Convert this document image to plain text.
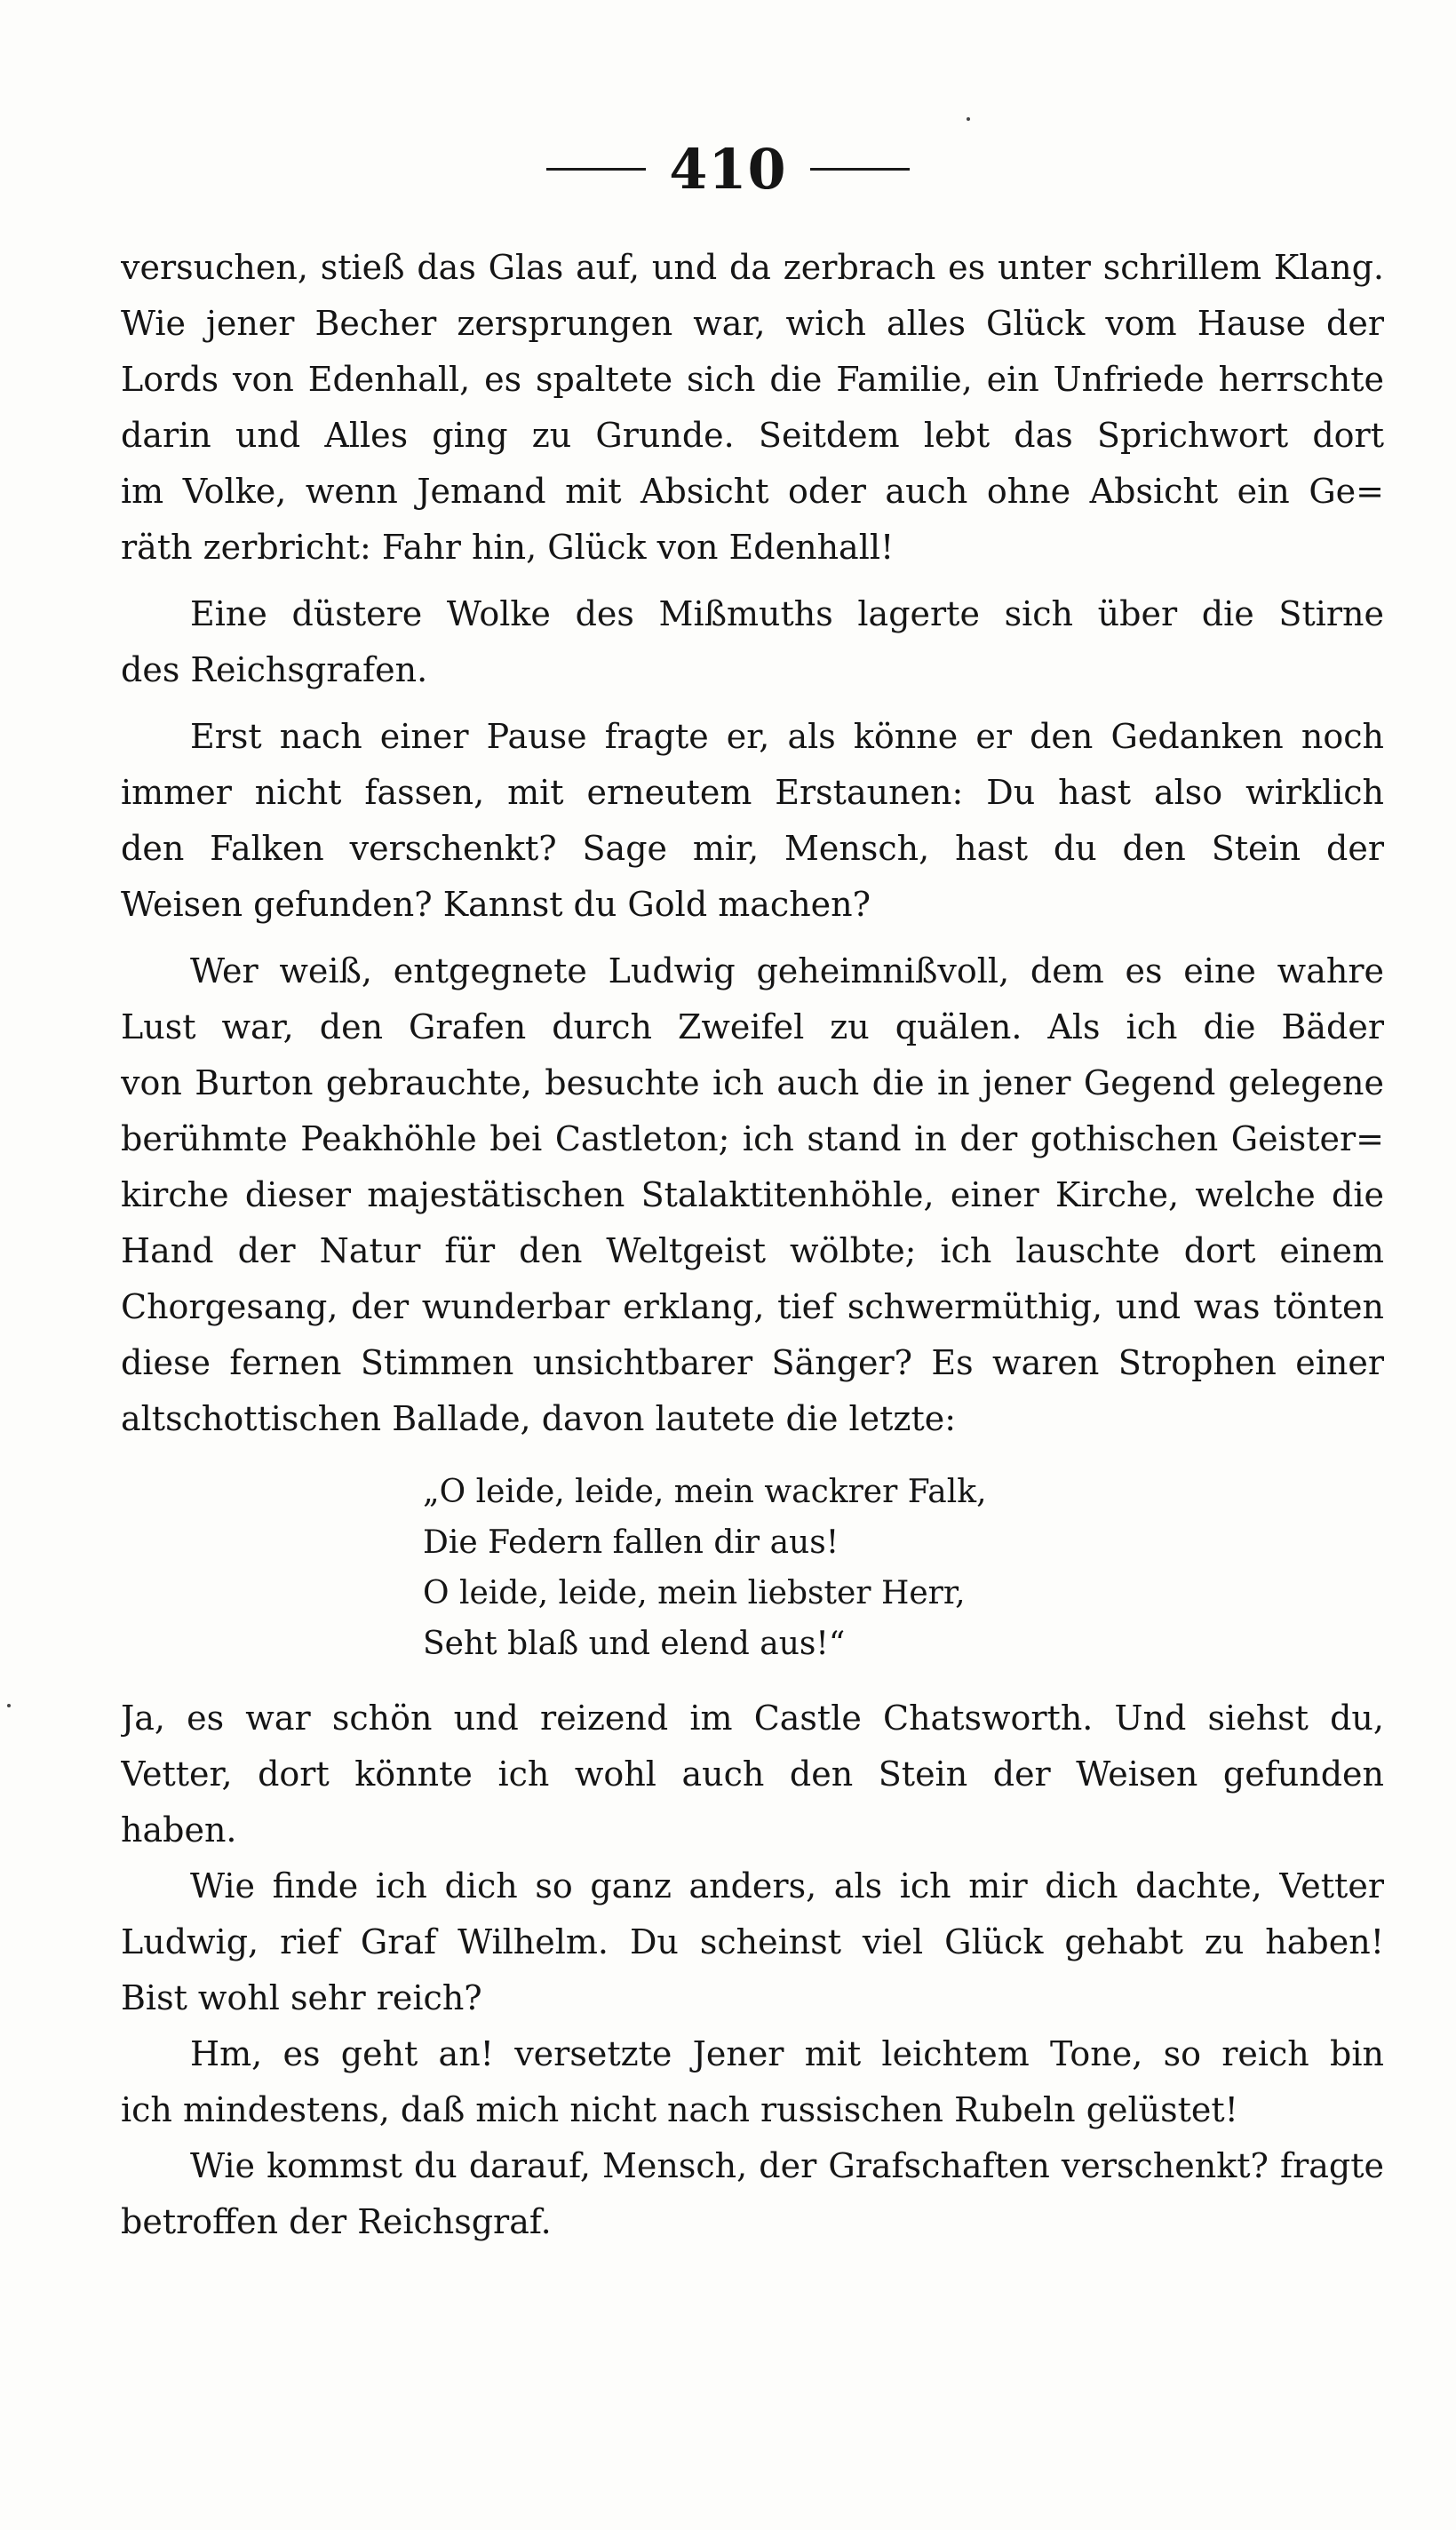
410
versuchen, stieß das Glas auf, und da zerbrach es unter schrillem Klang.
Wie jener Becher zersprungen war, wich alles Glück vom Hause der
Lords von Edenhall, es spaltete sich die Familie, ein Unfriede herrschte
darin und Alles ging zu Grunde. Seitdem lebt das Sprichwort dort
im Volke, wenn Jemand mit Absicht oder auch ohne Absicht ein Ge=
räth zerbricht: Fahr hin, Glück von Edenhall!
Eine düstere Wolke des Mißmuths lagerte sich über die Stirne
des Reichsgrafen.
Erst nach einer Pause fragte er, als könne er den Gedanken noch
immer nicht fassen, mit erneutem Erstaunen: Du hast also wirklich
den Falken verschenkt? Sage mir, Mensch, hast du den Stein der
Weisen gefunden? Kannst du Gold machen?
Wer weiß, entgegnete Ludwig geheimnißvoll, dem es eine wahre
Lust war, den Grafen durch Zweifel zu quälen. Als ich die Bäder
von Burton gebrauchte, besuchte ich auch die in jener Gegend gelegene
berühmte Peakhöhle bei Castleton; ich stand in der gothischen Geister=
kirche dieser majestätischen Stalaktitenhöhle, einer Kirche, welche die
Hand der Natur für den Weltgeist wölbte; ich lauschte dort einem
Chorgesang, der wunderbar erklang, tief schwermüthig, und was tönten
diese fernen Stimmen unsichtbarer Sänger? Es waren Strophen einer
altschottischen Ballade, davon lautete die letzte:
„O leide, leide, mein wackrer Falk,
Die Federn fallen dir aus!
O leide, leide, mein liebster Herr,
Seht blaß und elend aus!“
Ja, es war schön und reizend im Castle Chatsworth. Und siehst du,
Vetter, dort könnte ich wohl auch den Stein der Weisen gefunden
haben.
Wie finde ich dich so ganz anders, als ich mir dich dachte, Vetter
Ludwig, rief Graf Wilhelm. Du scheinst viel Glück gehabt zu haben!
Bist wohl sehr reich?
Hm, es geht an! versetzte Jener mit leichtem Tone, so reich bin
ich mindestens, daß mich nicht nach russischen Rubeln gelüstet!
Wie kommst du darauf, Mensch, der Grafschaften verschenkt? fragte
betroffen der Reichsgraf.
